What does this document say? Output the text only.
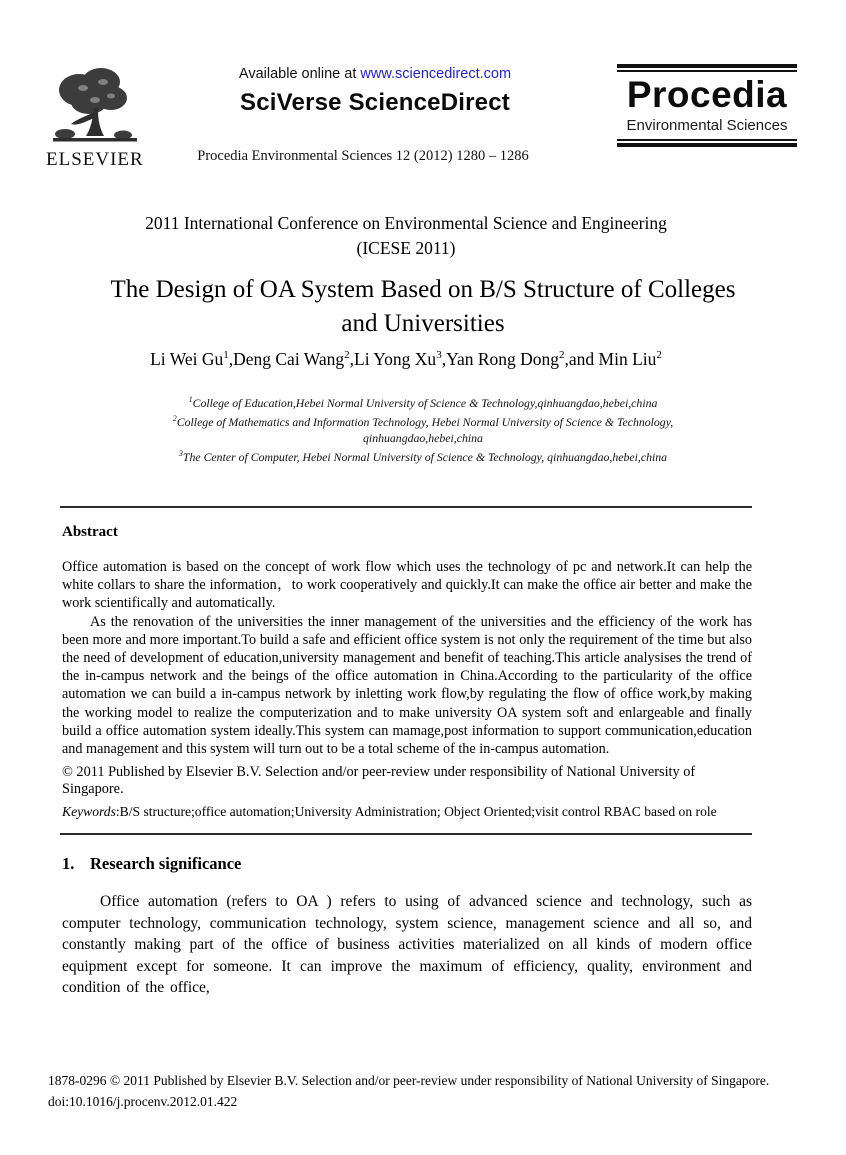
ELSEVIER
Available online at www.sciencedirect.com
SciVerse ScienceDirect
Procedia Environmental Sciences 12 (2012) 1280 – 1286
Procedia
Environmental Sciences
2011 International Conference on Environmental Science and Engineering
(ICESE 2011)
The Design of OA System Based on B/S Structure of Colleges
and Universities
Li Wei Gu$^1$,Deng Cai Wang$^2$,Li Yong Xu$^3$,Yan Rong Dong$^2$,and Min Liu$^2$
$^1$College of Education,Hebei Normal University of Science & Technology,qinhuangdao,hebei,china
$^2$College of Mathematics and Information Technology, Hebei Normal University of Science & Technology,
qinhuangdao,hebei,china
$^3$The Center of Computer, Hebei Normal University of Science & Technology, qinhuangdao,hebei,china
Abstract

Office automation is based on the concept of work flow which uses the technology of pc and network.It can help the white collars to share the information，to work cooperatively and quickly.It can make the office air better and make the work scientifically and automatically.

As the renovation of the universities the inner management of the universities and the efficiency of the work has been more and more important.To build a safe and efficient office system is not only the requirement of the time but also the need of development of education,university management and benefit of teaching.This article analysises the trend of the in-campus network and the beings of the office automation in China.According to the particularity of the office automation we can build a in-campus network by inletting work flow,by regulating the flow of office work,by making the working model to realize the computerization and to make university OA system soft and enlargeable and finally build a office automation system ideally.This system can mamage,post information to support communication,education and management and this system will turn out to be a total scheme of the in-campus automation.

© 2011 Published by Elsevier B.V. Selection and/or peer-review under responsibility of National University of Singapore.
Keywords:B/S structure;office automation;University Administration; Object Oriented;visit control RBAC based on role
1. Research significance

Office automation (refers to OA ) refers to using of advanced science and technology, such as computer technology, communication technology, system science, management science and all so, and constantly making part of the office of business activities materialized on all kinds of modern office equipment except for someone. It can improve the maximum of efficiency, quality, environment and condition of the office,

1878-0296 © 2011 Published by Elsevier B.V. Selection and/or peer-review under responsibility of National University of Singapore.
doi:10.1016/j.procenv.2012.01.422
